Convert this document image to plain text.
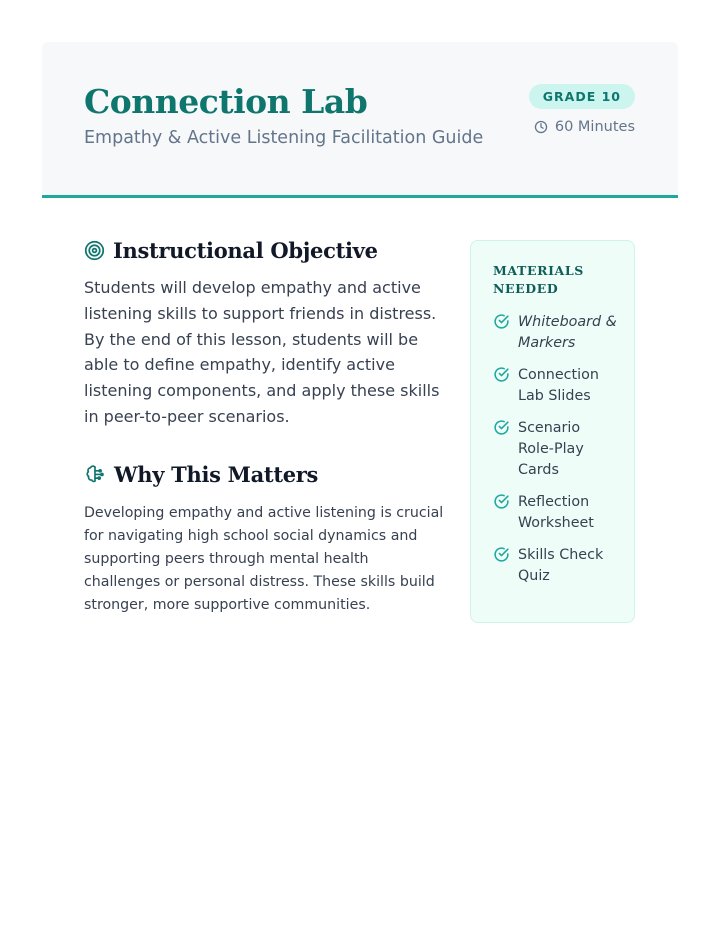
Connection Lab

Empathy & Active Listening Facilitation Guide

GRADE 10
60 Minutes
Instructional Objective

Students will develop empathy and active listening skills to support friends in distress. By the end of this lesson, students will be able to define empathy, identify active listening components, and apply these skills in peer-to-peer scenarios.

Why This Matters

Developing empathy and active listening is crucial for navigating high school social dynamics and supporting peers through mental health challenges or personal distress. These skills build stronger, more supportive communities.

MATERIALS NEEDED
Whiteboard & Markers
Connection Lab Slides
Scenario Role-Play Cards
Reflection Worksheet
Skills Check Quiz
